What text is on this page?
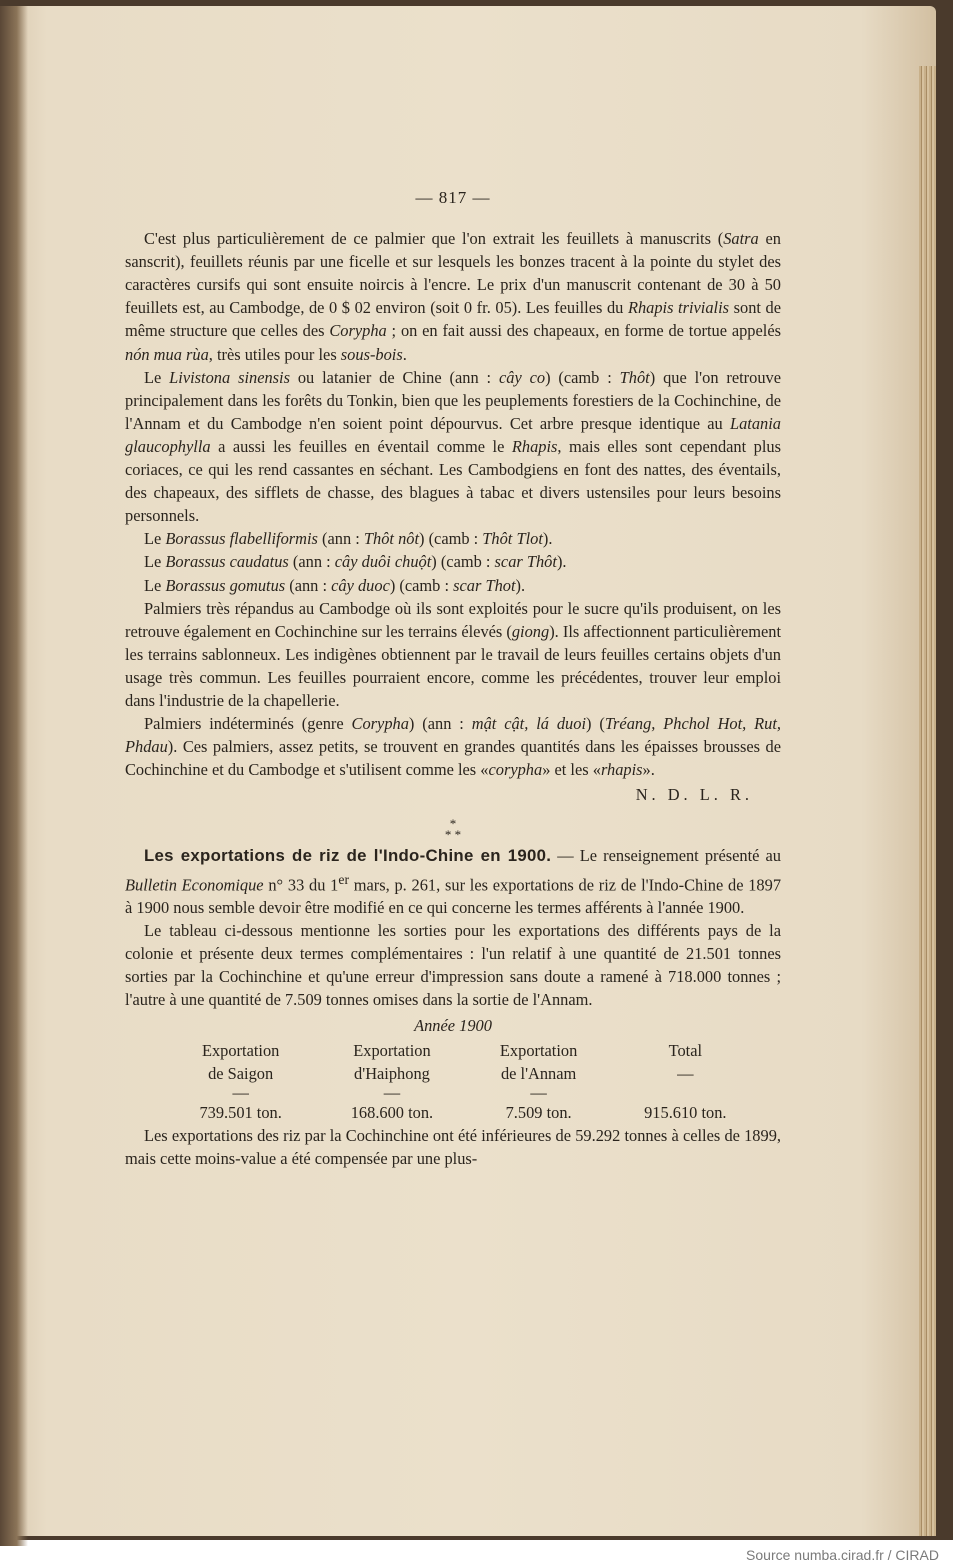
— 817 —

C'est plus particulièrement de ce palmier que l'on extrait les feuillets à manuscrits (Satra en sanscrit), feuillets réunis par une ficelle et sur lesquels les bonzes tracent à la pointe du stylet des caractères cursifs qui sont ensuite noircis à l'encre. Le prix d'un manuscrit contenant de 30 à 50 feuillets est, au Cambodge, de 0 $ 02 environ (soit 0 fr. 05). Les feuilles du Rhapis trivialis sont de même structure que celles des Corypha ; on en fait aussi des chapeaux, en forme de tortue appelés nón mua rùa, très utiles pour les sous-bois.

Le Livistona sinensis ou latanier de Chine (ann : cây co) (camb : Thôt) que l'on retrouve principalement dans les forêts du Tonkin, bien que les peuplements forestiers de la Cochinchine, de l'Annam et du Cambodge n'en soient point dépourvus. Cet arbre presque identique au Latania glaucophylla a aussi les feuilles en éventail comme le Rhapis, mais elles sont cependant plus coriaces, ce qui les rend cassantes en séchant. Les Cambodgiens en font des nattes, des éventails, des chapeaux, des sifflets de chasse, des blagues à tabac et divers ustensiles pour leurs besoins personnels.

Le Borassus flabelliformis (ann : Thôt nôt) (camb : Thôt Tlot).

Le Borassus caudatus (ann : cây duôi chuột) (camb : scar Thôt).

Le Borassus gomutus (ann : cây duoc) (camb : scar Thot).

Palmiers très répandus au Cambodge où ils sont exploités pour le sucre qu'ils produisent, on les retrouve également en Cochinchine sur les terrains élevés (giong). Ils affectionnent particulièrement les terrains sablonneux. Les indigènes obtiennent par le travail de leurs feuilles certains objets d'un usage très commun. Les feuilles pourraient encore, comme les précédentes, trouver leur emploi dans l'industrie de la chapellerie.

Palmiers indéterminés (genre Corypha) (ann : mật cật, lá duoi) (Tréang, Phchol Hot, Rut, Phdau). Ces palmiers, assez petits, se trouvent en grandes quantités dans les épaisses brousses de Cochinchine et du Cambodge et s'utilisent comme les «corypha» et les «rhapis».

N. D. L. R.
*
* *

Les exportations de riz de l'Indo-Chine en 1900. — Le renseignement présenté au Bulletin Economique n° 33 du 1er mars, p. 261, sur les exportations de riz de l'Indo-Chine de 1897 à 1900 nous semble devoir être modifié en ce qui concerne les termes afférents à l'année 1900.

Le tableau ci-dessous mentionne les sorties pour les exportations des différents pays de la colonie et présente deux termes complémentaires : l'un relatif à une quantité de 21.501 tonnes sorties par la Cochinchine et qu'une erreur d'impression sans doute a ramené à 718.000 tonnes ; l'autre à une quantité de 7.509 tonnes omises dans la sortie de l'Annam.

Année 1900
Exportation	Exportation	Exportation	Total
de Saigon	d'Haiphong	de l'Annam	—
—	—	—	
739.501 ton.	168.600 ton.	7.509 ton.	915.610 ton.

Les exportations des riz par la Cochinchine ont été inférieures de 59.292 tonnes à celles de 1899, mais cette moins-value a été compensée par une plus-

Source numba.cirad.fr / CIRAD
